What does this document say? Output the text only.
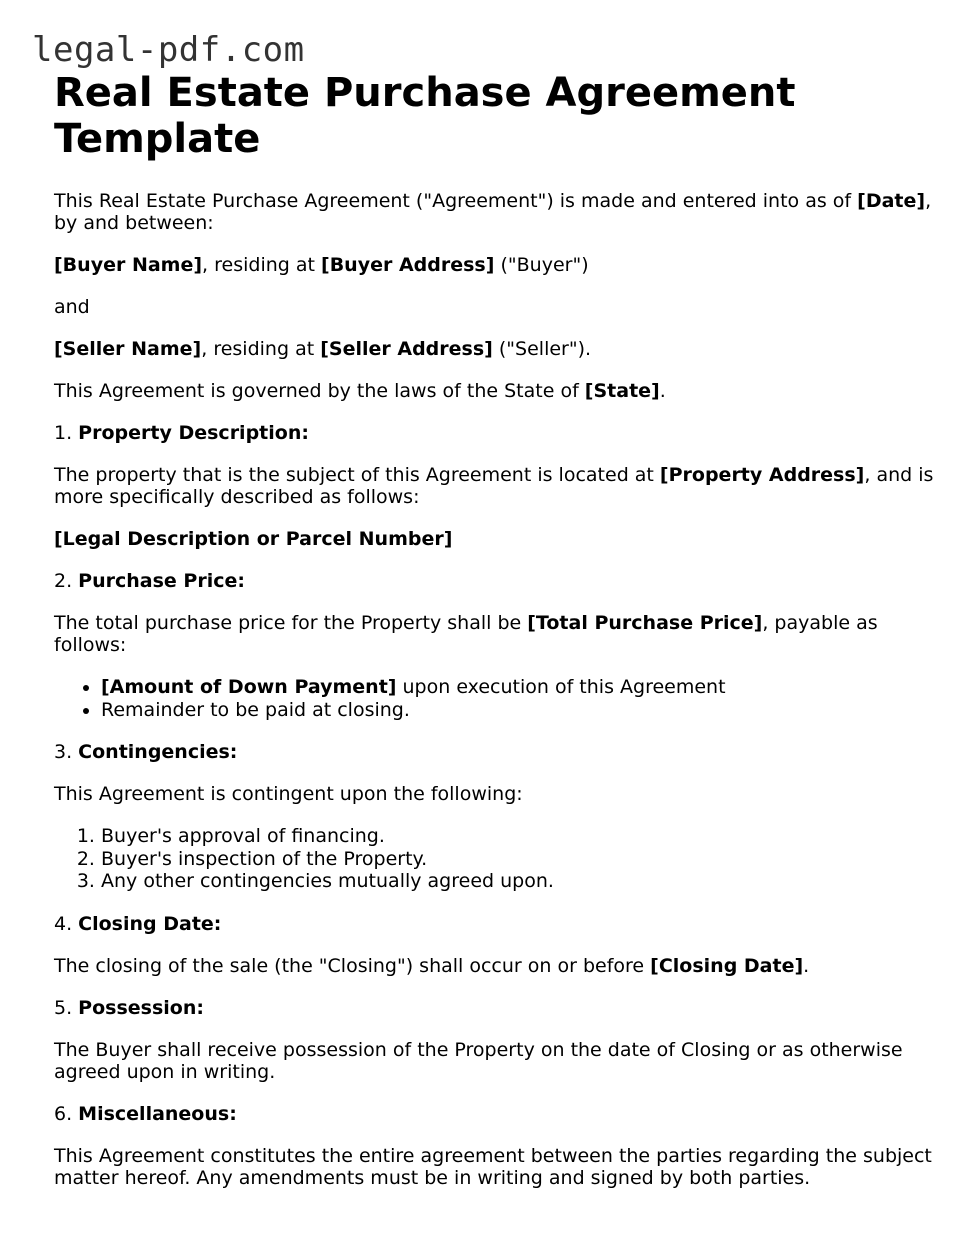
legal-pdf.com
Real Estate Purchase Agreement Template

This Real Estate Purchase Agreement ("Agreement") is made and entered into as of [Date], by and between:

[Buyer Name], residing at [Buyer Address] ("Buyer")

and

[Seller Name], residing at [Seller Address] ("Seller").

This Agreement is governed by the laws of the State of [State].

1. Property Description:

The property that is the subject of this Agreement is located at [Property Address], and is more specifically described as follows:

[Legal Description or Parcel Number]

2. Purchase Price:

The total purchase price for the Property shall be [Total Purchase Price], payable as follows:

• [Amount of Down Payment] upon execution of this Agreement
• Remainder to be paid at closing.

3. Contingencies:

This Agreement is contingent upon the following:

1. Buyer's approval of financing.
2. Buyer's inspection of the Property.
3. Any other contingencies mutually agreed upon.

4. Closing Date:

The closing of the sale (the "Closing") shall occur on or before [Closing Date].

5. Possession:

The Buyer shall receive possession of the Property on the date of Closing or as otherwise agreed upon in writing.

6. Miscellaneous:

This Agreement constitutes the entire agreement between the parties regarding the subject matter hereof. Any amendments must be in writing and signed by both parties.
